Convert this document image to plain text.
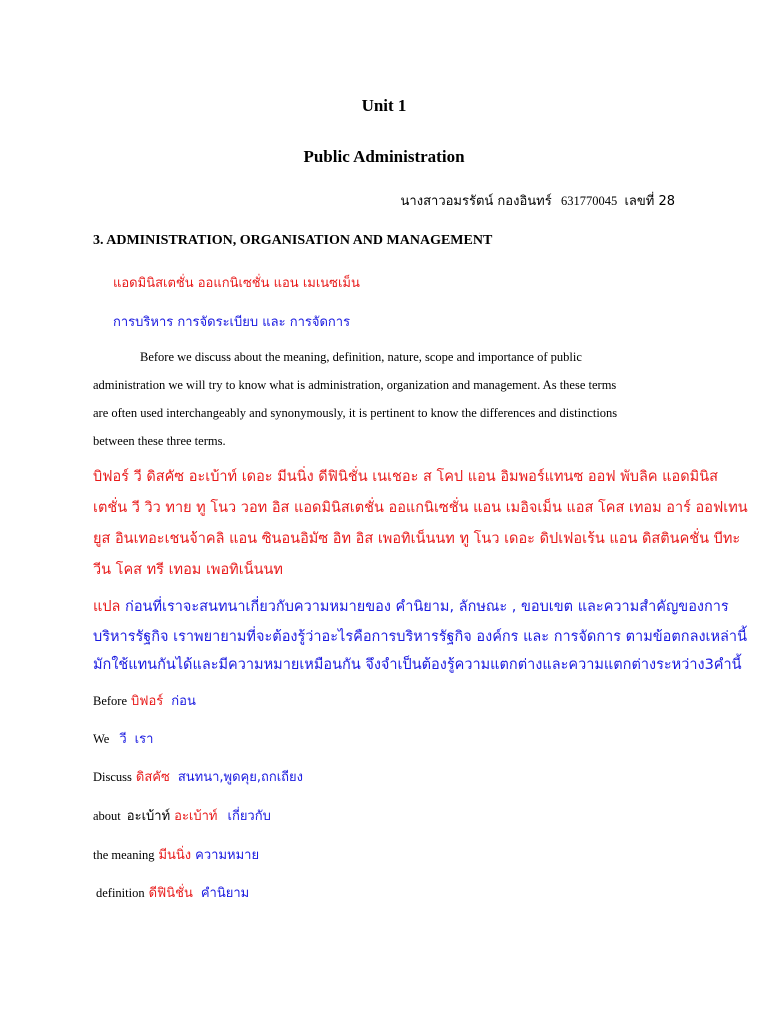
Unit 1
Public Administration
นางสาวอมรรัตน์ กองอินทร์ 631770045 เลขที่ 28
3. ADMINISTRATION, ORGANISATION AND MANAGEMENT
แอดมินิสเตชั่น ออแกนิเซชั่น แอน เมเนซเม็น
การบริหาร การจัดระเบียบ และ การจัดการ
Before we discuss about the meaning, definition, nature, scope and importance of public
administration we will try to know what is administration, organization and management. As these terms
are often used interchangeably and synonymously, it is pertinent to know the differences and distinctions
between these three terms.
บิฟอร์ วี ดิสคัซ อะเบ้าท์ เดอะ มีนนิ่ง ดีฟินิชั่น เนเชอะ ส โคป แอน อิมพอร์แทนซ ออฟ พับลิค แอดมินิส
เตชั่น วี วิว ทาย ทู โนว วอท อิส แอดมินิสเตชั่น ออแกนิเซชั่น แอน เมอิจเม็น แอส โคส เทอม อาร์ ออฟเทน
ยูส อินเทอะเชนจ้าคลิ แอน ซินอนอิมัซ อิท อิส เพอทิเน็นนท ทู โนว เดอะ ดิปเฟอเร้น แอน ดิสตินคชั่น บีทะ
วีน โคส ทรี เทอม เพอทิเน็นนท
แปล ก่อนที่เราจะสนทนาเกี่ยวกับความหมายของ คำนิยาม, ลักษณะ , ขอบเขต และความสำคัญของการ
บริหารรัฐกิจ เราพยายามที่จะต้องรู้ว่าอะไรคือการบริหารรัฐกิจ องค์กร และ การจัดการ ตามข้อตกลงเหล่านี้
มักใช้แทนกันได้และมีความหมายเหมือนกัน จึงจำเป็นต้องรู้ความแตกต่างและความแตกต่างระหว่าง3คำนี้
Before บิฟอร์ ก่อน
We วี เรา
Discuss ดิสคัซ สนทนา,พูดคุย,ถกเถียง
about อะเบ้าท์ อะเบ้าท์ เกี่ยวกับ
the meaning มีนนิ่ง ความหมาย
definition ดีฟินิชั่น คำนิยาม
